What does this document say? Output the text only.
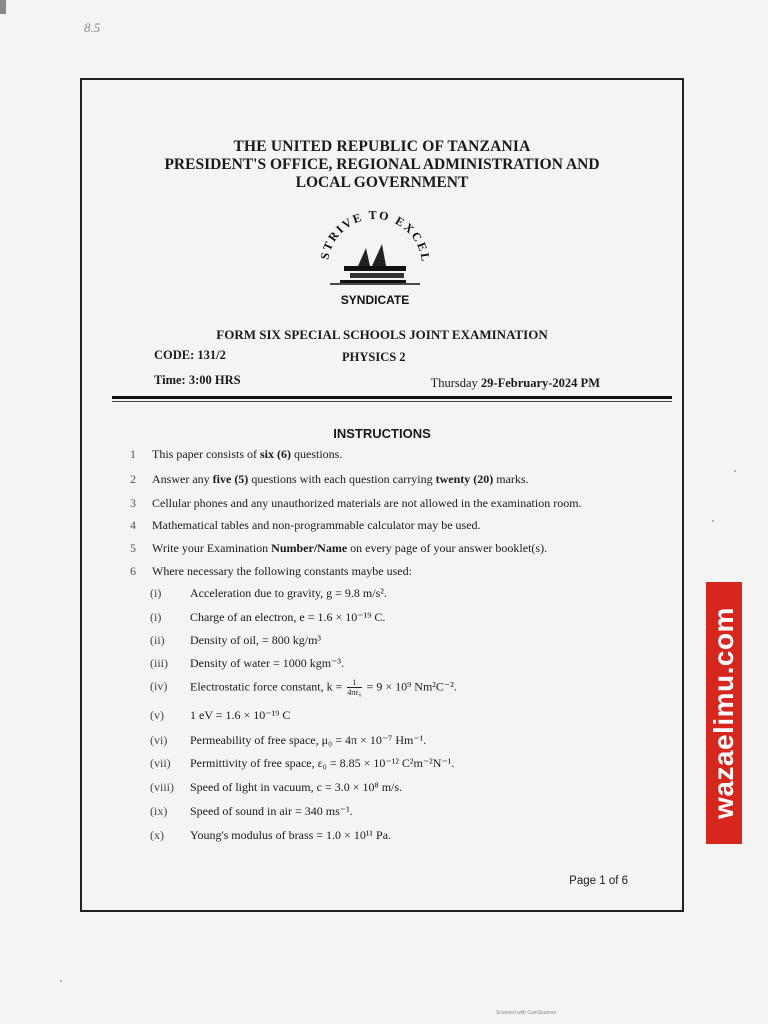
8.5
THE UNITED REPUBLIC OF TANZANIA
PRESIDENT'S OFFICE, REGIONAL ADMINISTRATION AND
LOCAL GOVERNMENT
STRIVE TO EXCEL
SYNDICATE
FORM SIX SPECIAL SCHOOLS JOINT EXAMINATION
CODE: 131/2	PHYSICS 2
Time: 3:00 HRS	Thursday 29-February-2024 PM
INSTRUCTIONS
1 This paper consists of six (6) questions.
2 Answer any five (5) questions with each question carrying twenty (20) marks.
3 Cellular phones and any unauthorized materials are not allowed in the examination room.
4 Mathematical tables and non-programmable calculator may be used.
5 Write your Examination Number/Name on every page of your answer booklet(s).
6 Where necessary the following constants maybe used:
(i) Acceleration due to gravity, g = 9.8 m/s².
(i) Charge of an electron, e = 1.6 × 10⁻¹⁹ C.
(ii) Density of oil, = 800 kg/m³
(iii) Density of water = 1000 kgm⁻³.
(iv) Electrostatic force constant, $k = \frac{1}{\text{4πε₀}} = 9 \times 10^9$ Nm²C⁻².
(v) 1 eV = 1.6 × 10⁻¹⁹ C
(vi) Permeability of free space, μ₀ = 4π × 10⁻⁷ Hm⁻¹.
(vii) Permittivity of free space, ε₀ = 8.85 × 10⁻¹² C²m⁻²N⁻¹.
(viii) Speed of light in vacuum, c = 3.0 × 10⁸ m/s.
(ix) Speed of sound in air = 340 ms⁻¹.
(x) Young's modulus of brass = 1.0 × 10¹¹ Pa.
Page 1 of 6
wazaelimu.com
Scanned with CamScanner
